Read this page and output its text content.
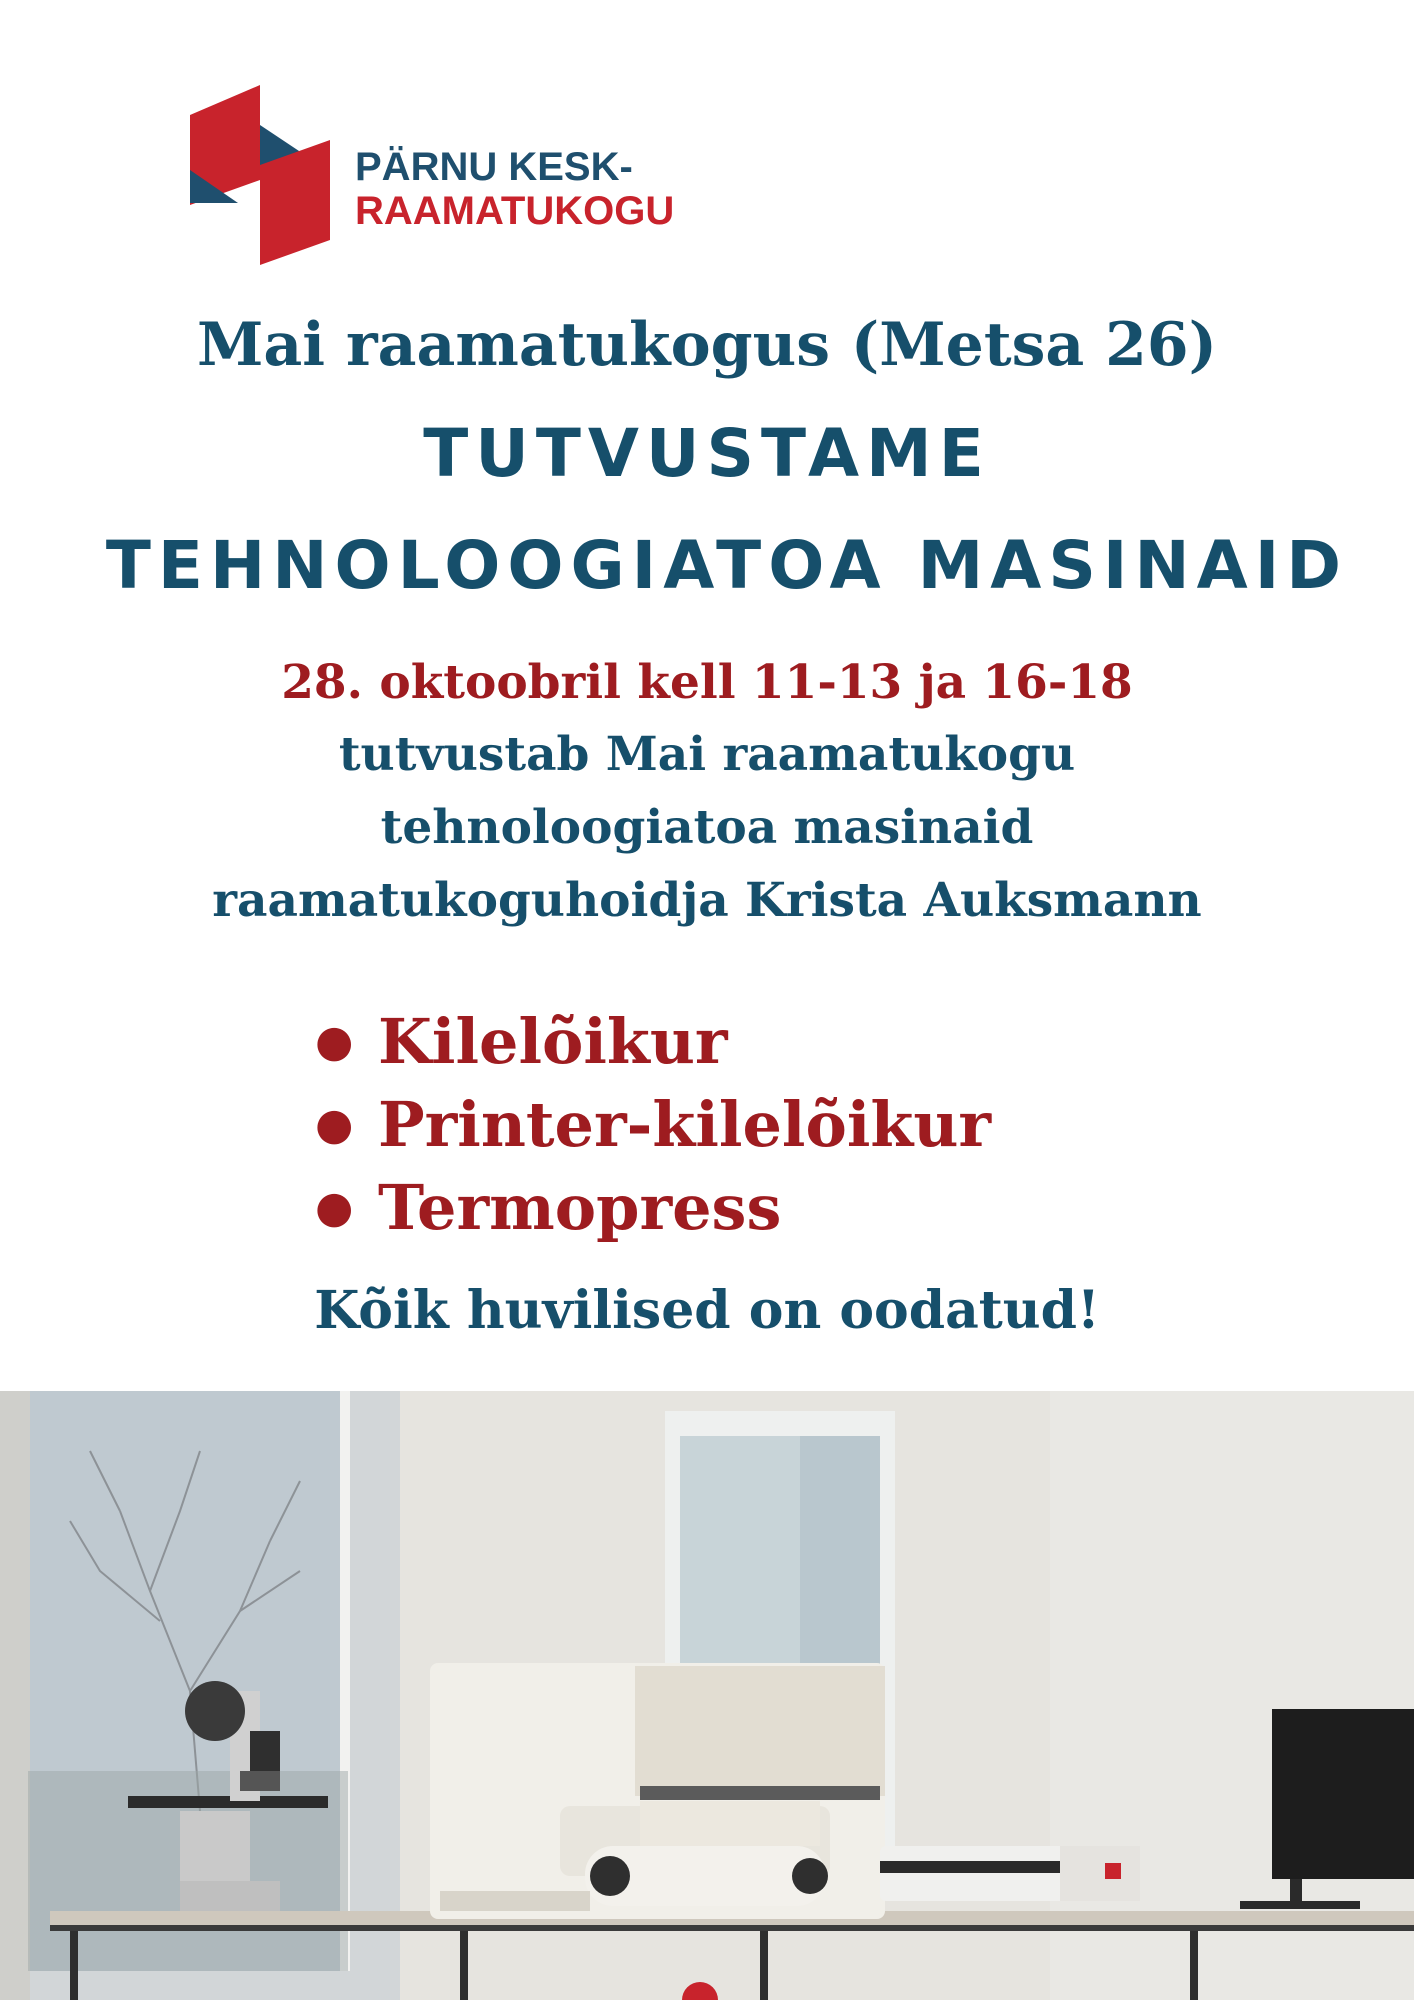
PÄRNU KESK-
RAAMATUKOGU
Mai raamatukogus (Metsa 26)
TUTVUSTAME
TEHNOLOOGIATOA MASINAID
28. oktoobril kell 11-13 ja 16-18
tutvustab Mai raamatukogu
tehnoloogiatoa masinaid
raamatukoguhoidja Krista Auksmann
● Kilelõikur
● Printer-kilelõikur
● Termopress
Kõik huvilised on oodatud!
